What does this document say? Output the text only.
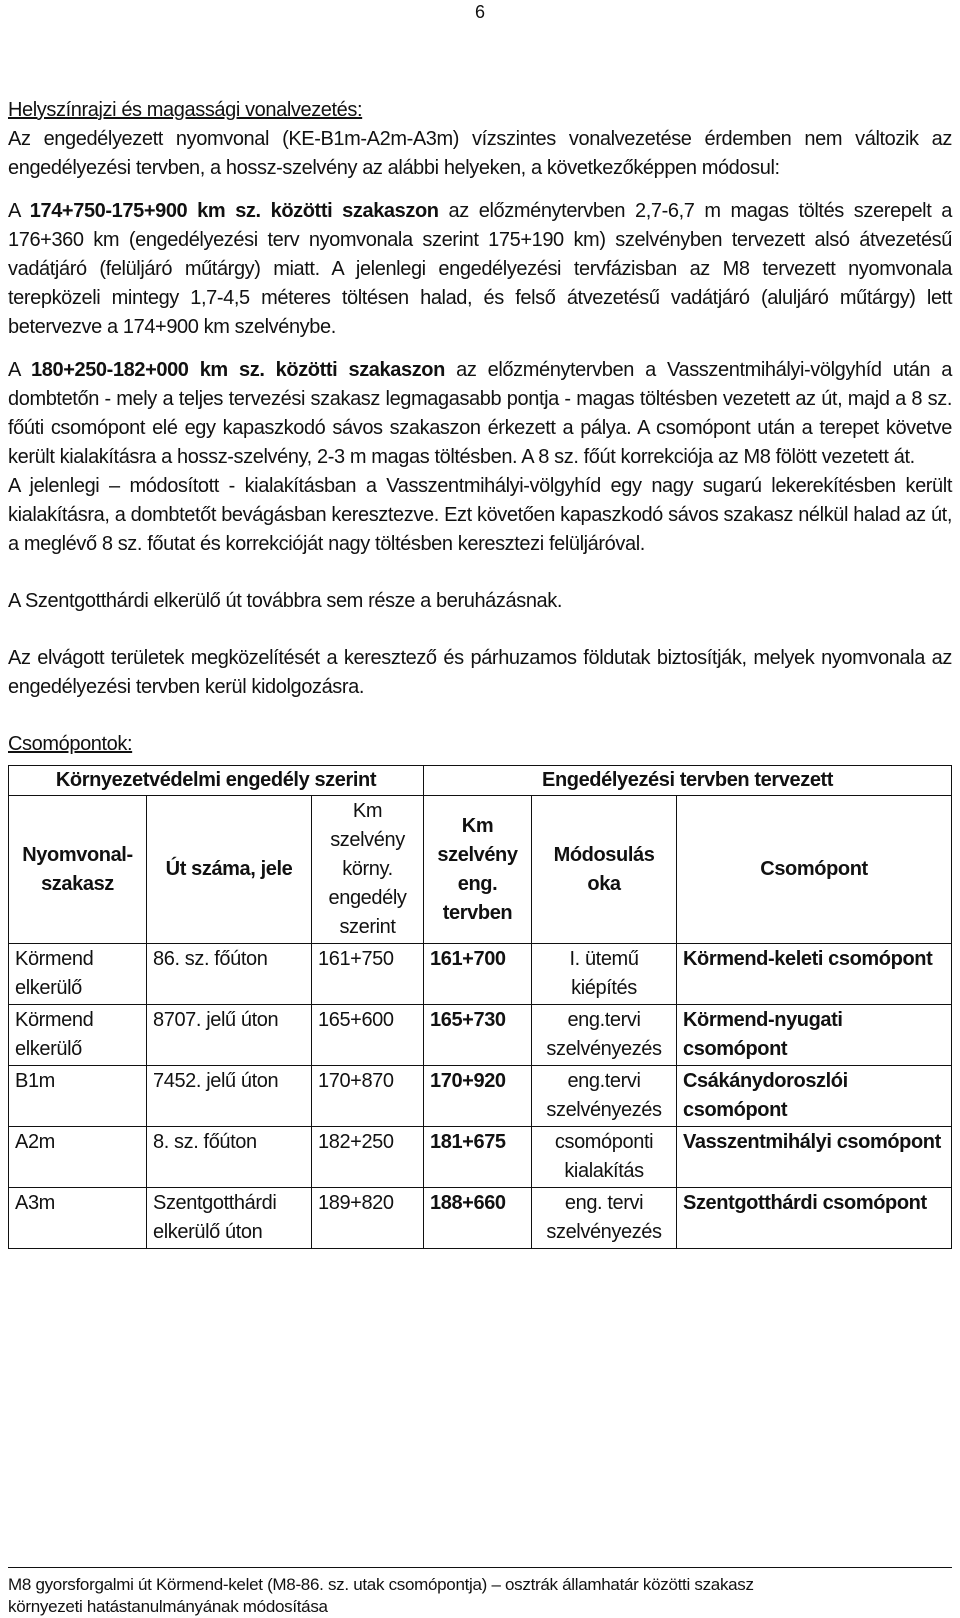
6

Helyszínrajzi és magassági vonalvezetés:

Az engedélyezett nyomvonal (KE-B1m-A2m-A3m) vízszintes vonalvezetése érdemben nem változik az engedélyezési tervben, a hossz-szelvény az alábbi helyeken, a következőképpen módosul:

A 174+750-175+900 km sz. közötti szakaszon az előzménytervben 2,7-6,7 m magas töltés szerepelt a 176+360 km (engedélyezési terv nyomvonala szerint 175+190 km) szelvényben tervezett alsó átvezetésű vadátjáró (felüljáró műtárgy) miatt. A jelenlegi engedélyezési tervfázisban az M8 tervezett nyomvonala terepközeli mintegy 1,7-4,5 méteres töltésen halad, és felső átvezetésű vadátjáró (aluljáró műtárgy) lett betervezve a 174+900 km szelvénybe.

A 180+250-182+000 km sz. közötti szakaszon az előzménytervben a Vasszentmihályi-völgyhíd után a dombtetőn - mely a teljes tervezési szakasz legmagasabb pontja - magas töltésben vezetett az út, majd a 8 sz. főúti csomópont elé egy kapaszkodó sávos szakaszon érkezett a pálya. A csomópont után a terepet követve került kialakításra a hossz-szelvény, 2-3 m magas töltésben. A 8 sz. főút korrekciója az M8 fölött vezetett át.

A jelenlegi – módosított - kialakításban a Vasszentmihályi-völgyhíd egy nagy sugarú lekerekítésben került kialakításra, a dombtetőt bevágásban keresztezve. Ezt követően kapaszkodó sávos szakasz nélkül halad az út, a meglévő 8 sz. főutat és korrekcióját nagy töltésben keresztezi felüljáróval.

A Szentgotthárdi elkerülő út továbbra sem része a beruházásnak.

Az elvágott területek megközelítését a keresztező és párhuzamos földutak biztosítják, melyek nyomvonala az engedélyezési tervben kerül kidolgozásra.

Csomópontok:

Környezetvédelmi engedély szerint			Engedélyezési tervben tervezett		
Nyomvonal-szakasz	Út száma, jele	Km szelvény körny. engedély szerint	Km szelvény eng. tervben	Módosulás oka	Csomópont
Körmend elkerülő	86. sz. főúton	161+750	161+700	I. ütemű kiépítés	Körmend-keleti csomópont
Körmend elkerülő	8707. jelű úton	165+600	165+730	eng.tervi szelvényezés	Körmend-nyugati csomópont
B1m	7452. jelű úton	170+870	170+920	eng.tervi szelvényezés	Csákánydoroszlói csomópont
A2m	8. sz. főúton	182+250	181+675	csomóponti kialakítás	Vasszentmihályi csomópont
A3m	Szentgotthárdi elkerülő úton	189+820	188+660	eng. tervi szelvényezés	Szentgotthárdi csomópont
M8 gyorsforgalmi út Körmend-kelet (M8-86. sz. utak csomópontja) – osztrák államhatár közötti szakasz
környezeti hatástanulmányának módosítása
